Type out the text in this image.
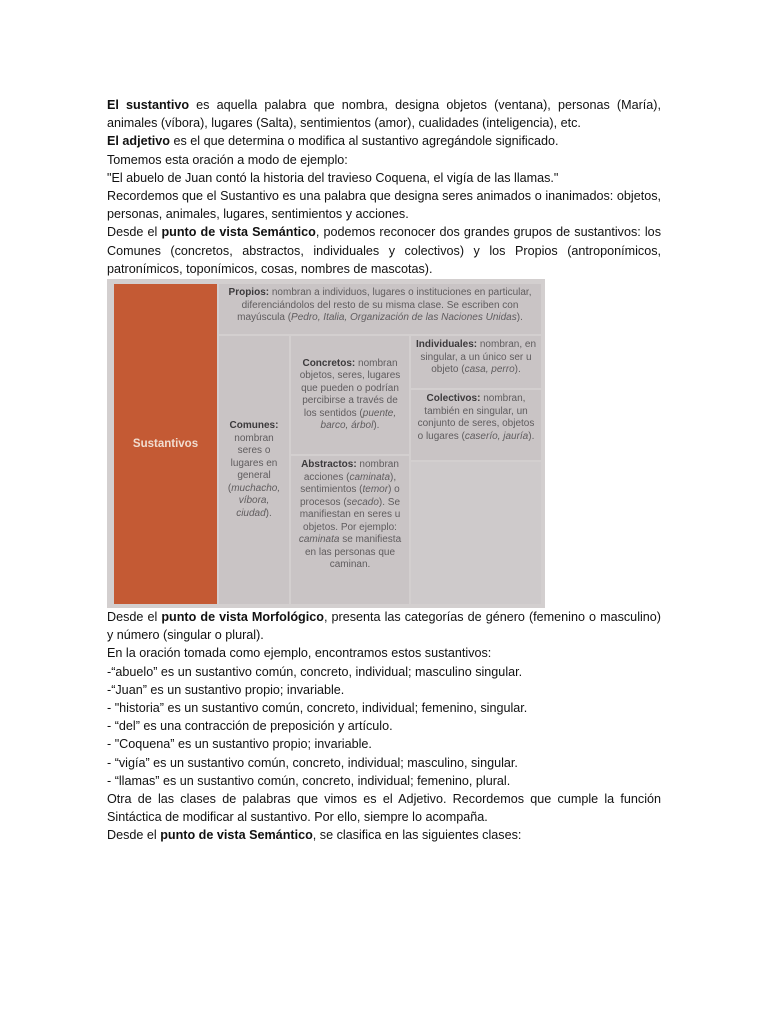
El sustantivo es aquella palabra que nombra, designa objetos (ventana), personas (María), animales (víbora), lugares (Salta), sentimientos (amor), cualidades (inteligencia), etc.

El adjetivo es el que determina o modifica al sustantivo agregándole significado.

Tomemos esta oración a modo de ejemplo:

"El abuelo de Juan contó la historia del travieso Coquena, el vigía de las llamas."

Recordemos que el Sustantivo es una palabra que designa seres animados o inanimados: objetos, personas, animales, lugares, sentimientos y acciones.

Desde el punto de vista Semántico, podemos reconocer dos grandes grupos de sustantivos: los Comunes (concretos, abstractos, individuales y colectivos) y los Propios (antroponímicos, patronímicos, toponímicos, cosas, nombres de mascotas).

Sustantivos
Propios: nombran a individuos, lugares o instituciones en particular, diferenciándolos del resto de su misma clase. Se escriben con mayúscula (Pedro, Italia, Organización de las Naciones Unidas).
Comunes: nombran seres o lugares en general (muchacho, víbora, ciudad).
Concretos: nombran objetos, seres, lugares que pueden o podrían percibirse a través de los sentidos (puente, barco, árbol).
Abstractos: nombran acciones (caminata), sentimientos (temor) o procesos (secado). Se manifiestan en seres u objetos. Por ejemplo: caminata se manifiesta en las personas que caminan.
Individuales: nombran, en singular, a un único ser u objeto (casa, perro).
Colectivos: nombran, también en singular, un conjunto de seres, objetos o lugares (caserío, jauría).

Desde el punto de vista Morfológico, presenta las categorías de género (femenino o masculino) y número (singular o plural).

En la oración tomada como ejemplo, encontramos estos sustantivos:

-“abuelo” es un sustantivo común, concreto, individual; masculino singular.

-“Juan” es un sustantivo propio; invariable.

- "historia” es un sustantivo común, concreto, individual; femenino, singular.

- “del” es una contracción de preposición y artículo.

- "Coquena” es un sustantivo propio; invariable.

- “vigía” es un sustantivo común, concreto, individual; masculino, singular.

- “llamas” es un sustantivo común, concreto, individual; femenino, plural.

Otra de las clases de palabras que vimos es el Adjetivo. Recordemos que cumple la función Sintáctica de modificar al sustantivo. Por ello, siempre lo acompaña.

Desde el punto de vista Semántico, se clasifica en las siguientes clases:
